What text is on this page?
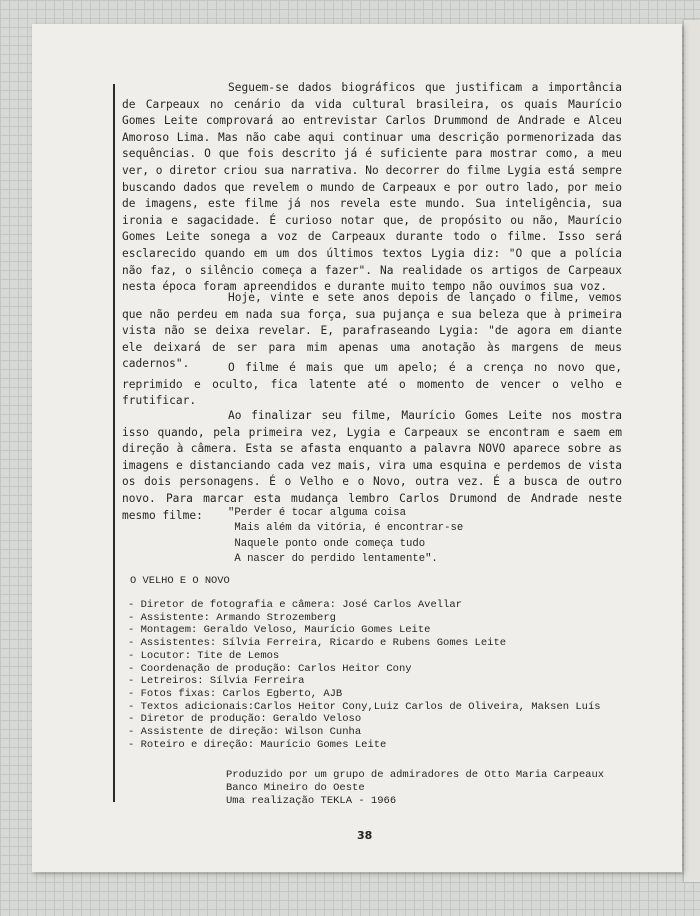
Seguem-se dados biográficos que justificam a importância de Carpeaux no cenário da vida cultural brasileira, os quais Maurício Gomes Leite comprovará ao entrevistar Carlos Drummond de Andrade e Alceu Amoroso Lima. Mas não cabe aqui continuar uma descrição pormenorizada das sequências. O que fois descrito já é suficiente para mostrar como, a meu ver, o diretor criou sua narrativa. No decorrer do filme Lygia está sempre buscando dados que revelem o mundo de Carpeaux e por outro lado, por meio de imagens, este filme já nos revela este mundo. Sua inteligência, sua ironia e sagacidade. É curioso notar que, de propósito ou não, Maurício Gomes Leite sonega a voz de Carpeaux durante todo o filme. Isso será esclarecido quando em um dos últimos textos Lygia diz: "O que a polícia não faz, o silêncio começa a fazer". Na realidade os artigos de Carpeaux nesta época foram apreendidos e durante muito tempo não ouvimos sua voz.

Hoje, vinte e sete anos depois de lançado o filme, vemos que não perdeu em nada sua força, sua pujança e sua beleza que à primeira vista não se deixa revelar. E, parafraseando Lygia: "de agora em diante ele deixará de ser para mim apenas uma anotação às margens de meus cadernos".	O filme é mais que um apelo; é a crença no novo que, reprimido e oculto, fica latente até o momento de vencer o velho e frutificar.

Ao finalizar seu filme, Maurício Gomes Leite nos mostra isso quando, pela primeira vez, Lygia e Carpeaux se encontram e saem em direção à câmera. Esta se afasta enquanto a palavra NOVO aparece sobre as imagens e distanciando cada vez mais, vira uma esquina e perdemos de vista os dois personagens. É o Velho e o Novo, outra vez. É a busca de outro novo. Para marcar esta mudança lembro Carlos Drumond de Andrade neste mesmo filme:	"Perder é tocar alguma coisa
Mais além da vitória, é encontrar-se
Naquele ponto onde começa tudo
A nascer do perdido lentamente".
O VELHO E O NOVO
- Diretor de fotografia e câmera: José Carlos Avellar
- Assistente: Armando Strozemberg
- Montagem: Geraldo Veloso, Maurício Gomes Leite
- Assistentes: Sílvia Ferreira, Ricardo e Rubens Gomes Leite
- Locutor: Tite de Lemos
- Coordenação de produção: Carlos Heitor Cony
- Letreiros: Sílvia Ferreira
- Fotos fixas: Carlos Egberto, AJB
- Textos adicionais:Carlos Heitor Cony,Luiz Carlos de Oliveira, Maksen Luís
- Diretor de produção: Geraldo Veloso
- Assistente de direção: Wilson Cunha
- Roteiro e direção: Maurício Gomes Leite
Produzido por um grupo de admiradores de Otto Maria Carpeaux
Banco Mineiro do Oeste
Uma realização TEKLA - 1966
38
